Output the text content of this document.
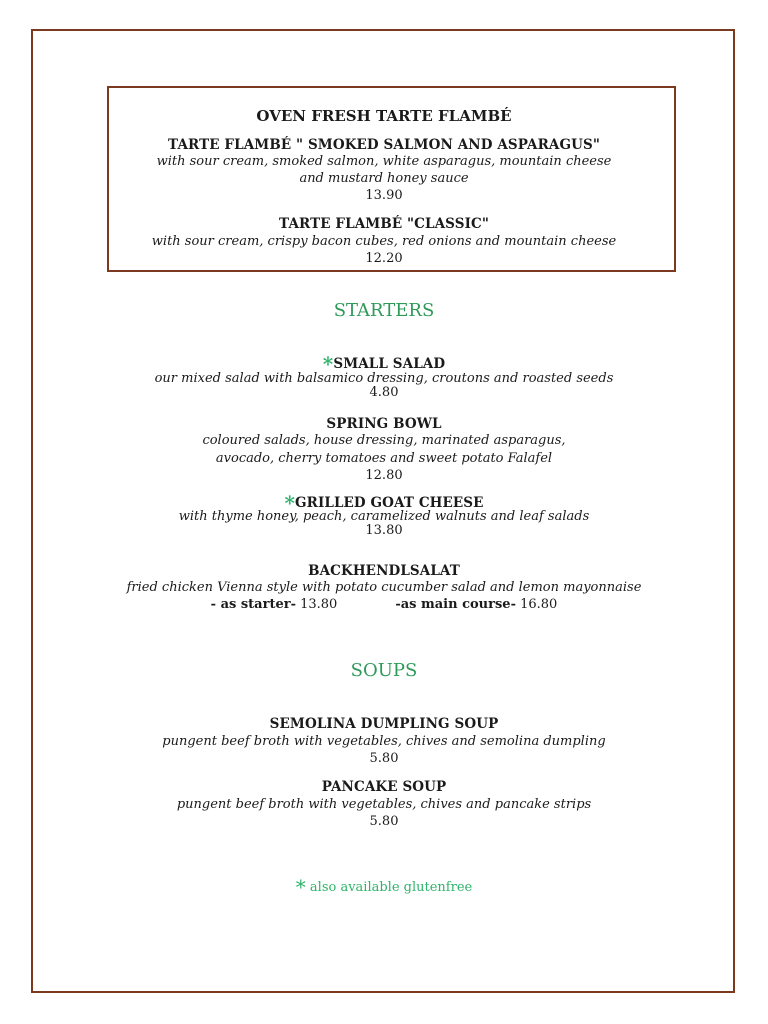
OVEN FRESH TARTE FLAMBÉ
TARTE FLAMBÉ " SMOKED SALMON AND ASPARAGUS"
with sour cream, smoked salmon, white asparagus, mountain cheese
and mustard honey sauce
13.90
TARTE FLAMBÉ "CLASSIC"
with sour cream, crispy bacon cubes, red onions and mountain cheese
12.20
STARTERS
*SMALL SALAD
our mixed salad with balsamico dressing, croutons and roasted seeds
4.80
SPRING BOWL
coloured salads, house dressing, marinated asparagus,
avocado, cherry tomatoes and sweet potato Falafel
12.80
*GRILLED GOAT CHEESE
with thyme honey, peach, caramelized walnuts and leaf salads
13.80
BACKHENDLSALAT
fried chicken Vienna style with potato cucumber salad and lemon mayonnaise
- as starter- 13.80	-as main course- 16.80
SOUPS
SEMOLINA DUMPLING SOUP
pungent beef broth with vegetables, chives and semolina dumpling
5.80
PANCAKE SOUP
pungent beef broth with vegetables, chives and pancake strips
5.80
* also available glutenfree
